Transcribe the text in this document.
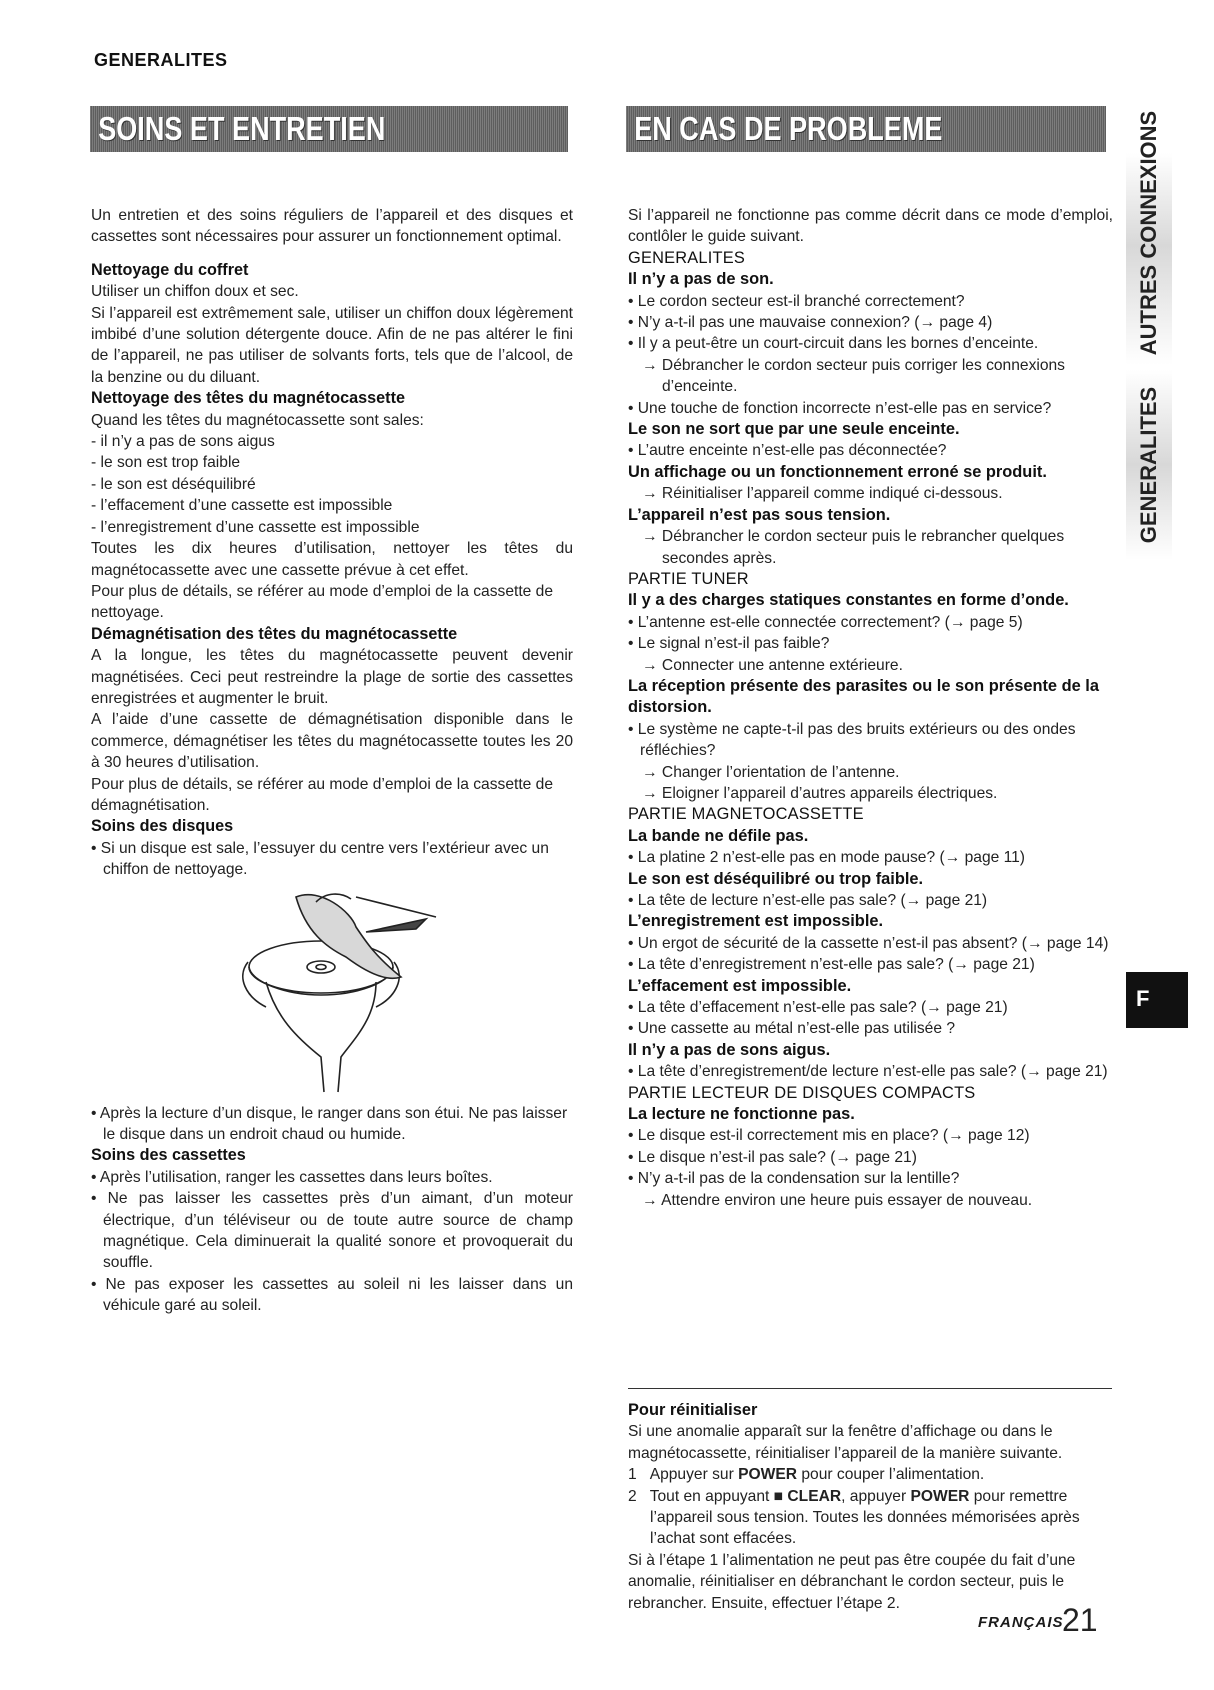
GENERALITES
SOINS ET ENTRETIEN	EN CAS DE PROBLEME

Un entretien et des soins réguliers de l’appareil et des disques et cassettes sont nécessaires pour assurer un fonctionnement optimal.

Nettoyage du coffret

Utiliser un chiffon doux et sec.

Si l’appareil est extrêmement sale, utiliser un chiffon doux légèrement imbibé d’une solution détergente douce. Afin de ne pas altérer le fini de l’appareil, ne pas utiliser de solvants forts, tels que de l’alcool, de la benzine ou du diluant.

Nettoyage des têtes du magnétocassette

Quand les têtes du magnétocassette sont sales:

- il n’y a pas de sons aigus

- le son est trop faible

- le son est déséquilibré

- l’effacement d’une cassette est impossible

- l’enregistrement d’une cassette est impossible

Toutes les dix heures d’utilisation, nettoyer les têtes du magnétocassette avec une cassette prévue à cet effet.

Pour plus de détails, se référer au mode d’emploi de la cassette de nettoyage.

Démagnétisation des têtes du magnétocassette

A la longue, les têtes du magnétocassette peuvent devenir magnétisées. Ceci peut restreindre la plage de sortie des cassettes enregistrées et augmenter le bruit.

A l’aide d’une cassette de démagnétisation disponible dans le commerce, démagnétiser les têtes du magnétocassette toutes les 20 à 30 heures d’utilisation.

Pour plus de détails, se référer au mode d’emploi de la cassette de démagnétisation.

Soins des disques

• Si un disque est sale, l’essuyer du centre vers l’extérieur avec un chiffon de nettoyage.

• Après la lecture d’un disque, le ranger dans son étui. Ne pas laisser le disque dans un endroit chaud ou humide.

Soins des cassettes

• Après l’utilisation, ranger les cassettes dans leurs boîtes.

• Ne pas laisser les cassettes près d’un aimant, d’un moteur électrique, d’un téléviseur ou de toute autre source de champ magnétique. Cela diminuerait la qualité sonore et provoquerait du souffle.

• Ne pas exposer les cassettes au soleil ni les laisser dans un véhicule garé au soleil.

Si l’appareil ne fonctionne pas comme décrit dans ce mode d’emploi, contlôler le guide suivant.

GENERALITES

Il n’y a pas de son.

• Le cordon secteur est-il branché correctement?

• N’y a-t-il pas une mauvaise connexion? (→ page 4)

• Il y a peut-être un court-circuit dans les bornes d’enceinte.

→ Débrancher le cordon secteur puis corriger les connexions d’enceinte.

• Une touche de fonction incorrecte n’est-elle pas en service?

Le son ne sort que par une seule enceinte.

• L’autre enceinte n’est-elle pas déconnectée?

Un affichage ou un fonctionnement erroné se produit.

→ Réinitialiser l’appareil comme indiqué ci-dessous.

L’appareil n’est pas sous tension.

→ Débrancher le cordon secteur puis le rebrancher quelques secondes après.

PARTIE TUNER

Il y a des charges statiques constantes en forme d’onde.

• L’antenne est-elle connectée correctement? (→ page 5)

• Le signal n’est-il pas faible?

→ Connecter une antenne extérieure.

La réception présente des parasites ou le son présente de la distorsion.

• Le système ne capte-t-il pas des bruits extérieurs ou des ondes réfléchies?

→ Changer l’orientation de l’antenne.

→ Eloigner l’appareil d’autres appareils électriques.

PARTIE MAGNETOCASSETTE

La bande ne défile pas.

• La platine 2 n’est-elle pas en mode pause? (→ page 11)

Le son est déséquilibré ou trop faible.

• La tête de lecture n’est-elle pas sale? (→ page 21)

L’enregistrement est impossible.

• Un ergot de sécurité de la cassette n’est-il pas absent? (→ page 14)

• La tête d’enregistrement n’est-elle pas sale? (→ page 21)

L’effacement est impossible.

• La tête d’effacement n’est-elle pas sale? (→ page 21)

• Une cassette au métal n’est-elle pas utilisée ?

Il n’y a pas de sons aigus.

• La tête d’enregistrement/de lecture n’est-elle pas sale? (→ page 21)

PARTIE LECTEUR DE DISQUES COMPACTS

La lecture ne fonctionne pas.

• Le disque est-il correctement mis en place? (→ page 12)

• Le disque n’est-il pas sale? (→ page 21)

• N’y a-t-il pas de la condensation sur la lentille?

→ Attendre environ une heure puis essayer de nouveau.

Pour réinitialiser

Si une anomalie apparaît sur la fenêtre d’affichage ou dans le magnétocassette, réinitialiser l’appareil de la manière suivante.

1 Appuyer sur POWER pour couper l’alimentation.

2 Tout en appuyant ■ CLEAR, appuyer POWER pour remettre l’appareil sous tension. Toutes les données mémorisées après l’achat sont effacées.

Si à l’étape 1 l’alimentation ne peut pas être coupée du fait d’une anomalie, réinitialiser en débranchant le cordon secteur, puis le rebrancher. Ensuite, effectuer l’étape 2.

AUTRES CONNEXIONS
GENERALITES
F
FRANÇAIS
21
